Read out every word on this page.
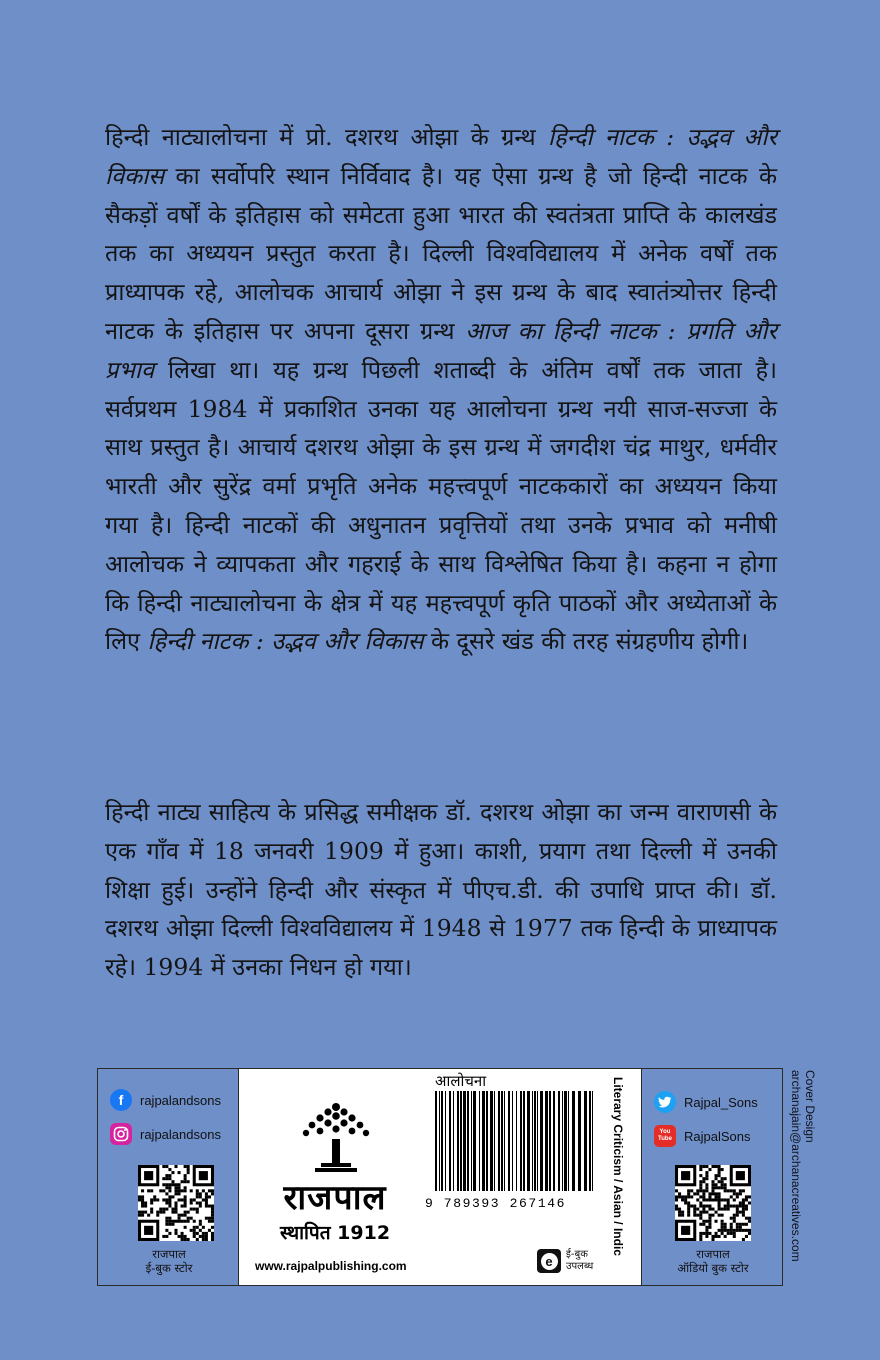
हिन्दी नाट्यालोचना में प्रो. दशरथ ओझा के ग्रन्थ हिन्दी नाटक : उद्भव और विकास का सर्वोपरि स्थान निर्विवाद है। यह ऐसा ग्रन्थ है जो हिन्दी नाटक के सैकड़ों वर्षों के इतिहास को समेटता हुआ भारत की स्वतंत्रता प्राप्ति के कालखंड तक का अध्ययन प्रस्तुत करता है। दिल्ली विश्वविद्यालय में अनेक वर्षों तक प्राध्यापक रहे, आलोचक आचार्य ओझा ने इस ग्रन्थ के बाद स्वातंत्र्योत्तर हिन्दी नाटक के इतिहास पर अपना दूसरा ग्रन्थ आज का हिन्दी नाटक : प्रगति और प्रभाव लिखा था। यह ग्रन्थ पिछली शताब्दी के अंतिम वर्षों तक जाता है। सर्वप्रथम 1984 में प्रकाशित उनका यह आलोचना ग्रन्थ नयी साज-सज्जा के साथ प्रस्तुत है। आचार्य दशरथ ओझा के इस ग्रन्थ में जगदीश चंद्र माथुर, धर्मवीर भारती और सुरेंद्र वर्मा प्रभृति अनेक महत्त्वपूर्ण नाटककारों का अध्ययन किया गया है। हिन्दी नाटकों की अधुनातन प्रवृत्तियों तथा उनके प्रभाव को मनीषी आलोचक ने व्यापकता और गहराई के साथ विश्लेषित किया है। कहना न होगा कि हिन्दी नाट्यालोचना के क्षेत्र में यह महत्त्वपूर्ण कृति पाठकों और अध्येताओं के लिए हिन्दी नाटक : उद्भव और विकास के दूसरे खंड की तरह संग्रहणीय होगी।

हिन्दी नाट्य साहित्य के प्रसिद्ध समीक्षक डॉ. दशरथ ओझा का जन्म वाराणसी के एक गाँव में 18 जनवरी 1909 में हुआ। काशी, प्रयाग तथा दिल्ली में उनकी शिक्षा हुई। उन्होंने हिन्दी और संस्कृत में पीएच.डी. की उपाधि प्राप्त की। डॉ. दशरथ ओझा दिल्ली विश्वविद्यालय में 1948 से 1977 तक हिन्दी के प्राध्यापक रहे। 1994 में उनका निधन हो गया।

Cover Design
archanajain@archanacreatives.com
f	rajpalandsons
rajpalandsons
राजपाल
ई-बुक स्टोर
राजपाल
स्थापित 1912
www.rajpalpublishing.com
आलोचना
9 789393 267146
e	ई-बुक
उपलब्ध
Literary Criticism / Asian / Indic	Rajpal_Sons
You Tube RajpalSons
राजपाल
ऑडियो बुक स्टोर
